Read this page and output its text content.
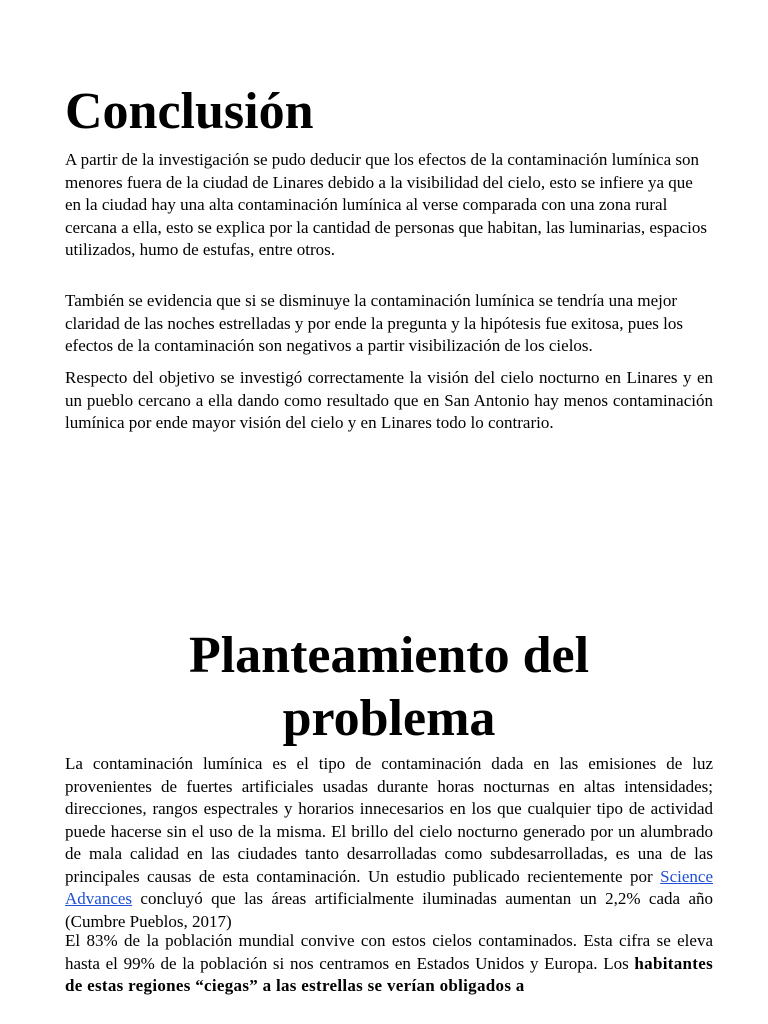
Conclusión

A partir de la investigación se pudo deducir que los efectos de la contaminación lumínica son menores fuera de la ciudad de Linares debido a la visibilidad del cielo, esto se infiere ya que en la ciudad hay una alta contaminación lumínica al verse comparada con una zona rural cercana a ella, esto se explica por la cantidad de personas que habitan, las luminarias, espacios utilizados, humo de estufas, entre otros.

También se evidencia que si se disminuye la contaminación lumínica se tendría una mejor claridad de las noches estrelladas y por ende la pregunta y la hipótesis fue exitosa, pues los efectos de la contaminación son negativos a partir visibilización de los cielos.

Respecto del objetivo se investigó correctamente la visión del cielo nocturno en Linares y en un pueblo cercano a ella dando como resultado que en San Antonio hay menos contaminación lumínica por ende mayor visión del cielo y en Linares todo lo contrario.

Planteamiento del
problema

La contaminación lumínica es el tipo de contaminación dada en las emisiones de luz provenientes de fuertes artificiales usadas durante horas nocturnas en altas intensidades; direcciones, rangos espectrales y horarios innecesarios en los que cualquier tipo de actividad puede hacerse sin el uso de la misma. El brillo del cielo nocturno generado por un alumbrado de mala calidad en las ciudades tanto desarrolladas como subdesarrolladas, es una de las principales causas de esta contaminación. Un estudio publicado recientemente por Science Advances concluyó que las áreas artificialmente iluminadas aumentan un 2,2% cada año (Cumbre Pueblos, 2017)

El 83% de la población mundial convive con estos cielos contaminados. Esta cifra se eleva hasta el 99% de la población si nos centramos en Estados Unidos y Europa. Los habitantes de estas regiones “ciegas” a las estrellas se verían obligados a
